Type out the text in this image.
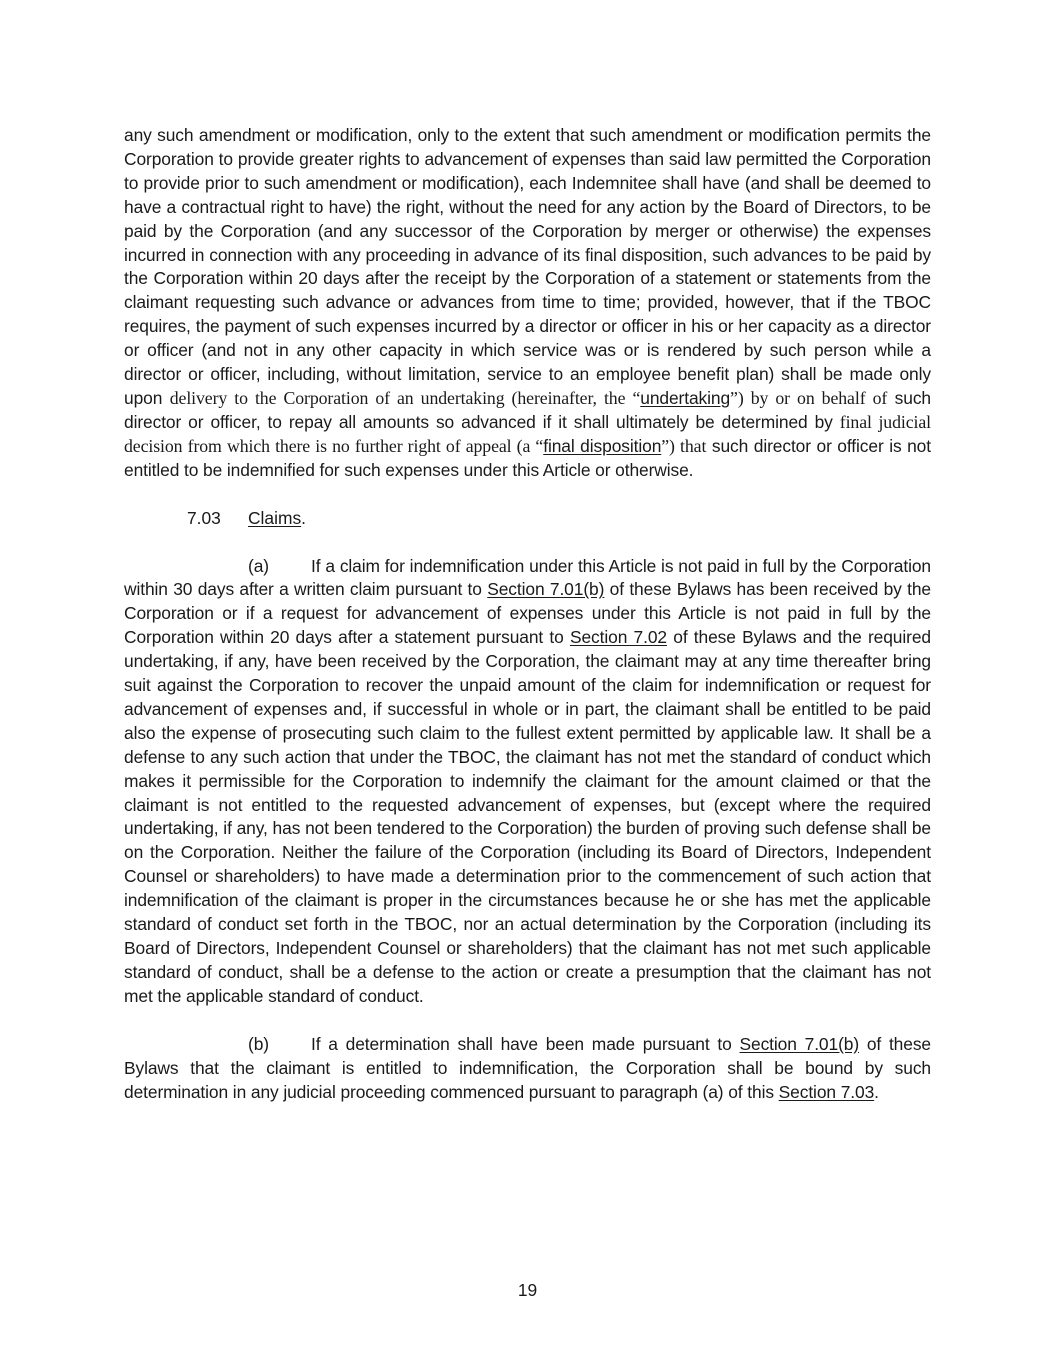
any such amendment or modification, only to the extent that such amendment or modification permits the Corporation to provide greater rights to advancement of expenses than said law permitted the Corporation to provide prior to such amendment or modification), each Indemnitee shall have (and shall be deemed to have a contractual right to have) the right, without the need for any action by the Board of Directors, to be paid by the Corporation (and any successor of the Corporation by merger or otherwise) the expenses incurred in connection with any proceeding in advance of its final disposition, such advances to be paid by the Corporation within 20 days after the receipt by the Corporation of a statement or statements from the claimant requesting such advance or advances from time to time; provided, however, that if the TBOC requires, the payment of such expenses incurred by a director or officer in his or her capacity as a director or officer (and not in any other capacity in which service was or is rendered by such person while a director or officer, including, without limitation, service to an employee benefit plan) shall be made only upon delivery to the Corporation of an undertaking (hereinafter, the “undertaking”) by or on behalf of such director or officer, to repay all amounts so advanced if it shall ultimately be determined by final judicial decision from which there is no further right of appeal (a “final disposition”) that such director or officer is not entitled to be indemnified for such expenses under this Article or otherwise.

7.03 Claims.

(a) If a claim for indemnification under this Article is not paid in full by the Corporation within 30 days after a written claim pursuant to Section 7.01(b) of these Bylaws has been received by the Corporation or if a request for advancement of expenses under this Article is not paid in full by the Corporation within 20 days after a statement pursuant to Section 7.02 of these Bylaws and the required undertaking, if any, have been received by the Corporation, the claimant may at any time thereafter bring suit against the Corporation to recover the unpaid amount of the claim for indemnification or request for advancement of expenses and, if successful in whole or in part, the claimant shall be entitled to be paid also the expense of prosecuting such claim to the fullest extent permitted by applicable law. It shall be a defense to any such action that under the TBOC, the claimant has not met the standard of conduct which makes it permissible for the Corporation to indemnify the claimant for the amount claimed or that the claimant is not entitled to the requested advancement of expenses, but (except where the required undertaking, if any, has not been tendered to the Corporation) the burden of proving such defense shall be on the Corporation. Neither the failure of the Corporation (including its Board of Directors, Independent Counsel or shareholders) to have made a determination prior to the commencement of such action that indemnification of the claimant is proper in the circumstances because he or she has met the applicable standard of conduct set forth in the TBOC, nor an actual determination by the Corporation (including its Board of Directors, Independent Counsel or shareholders) that the claimant has not met such applicable standard of conduct, shall be a defense to the action or create a presumption that the claimant has not met the applicable standard of conduct.

(b) If a determination shall have been made pursuant to Section 7.01(b) of these Bylaws that the claimant is entitled to indemnification, the Corporation shall be bound by such determination in any judicial proceeding commenced pursuant to paragraph (a) of this Section 7.03.

19
